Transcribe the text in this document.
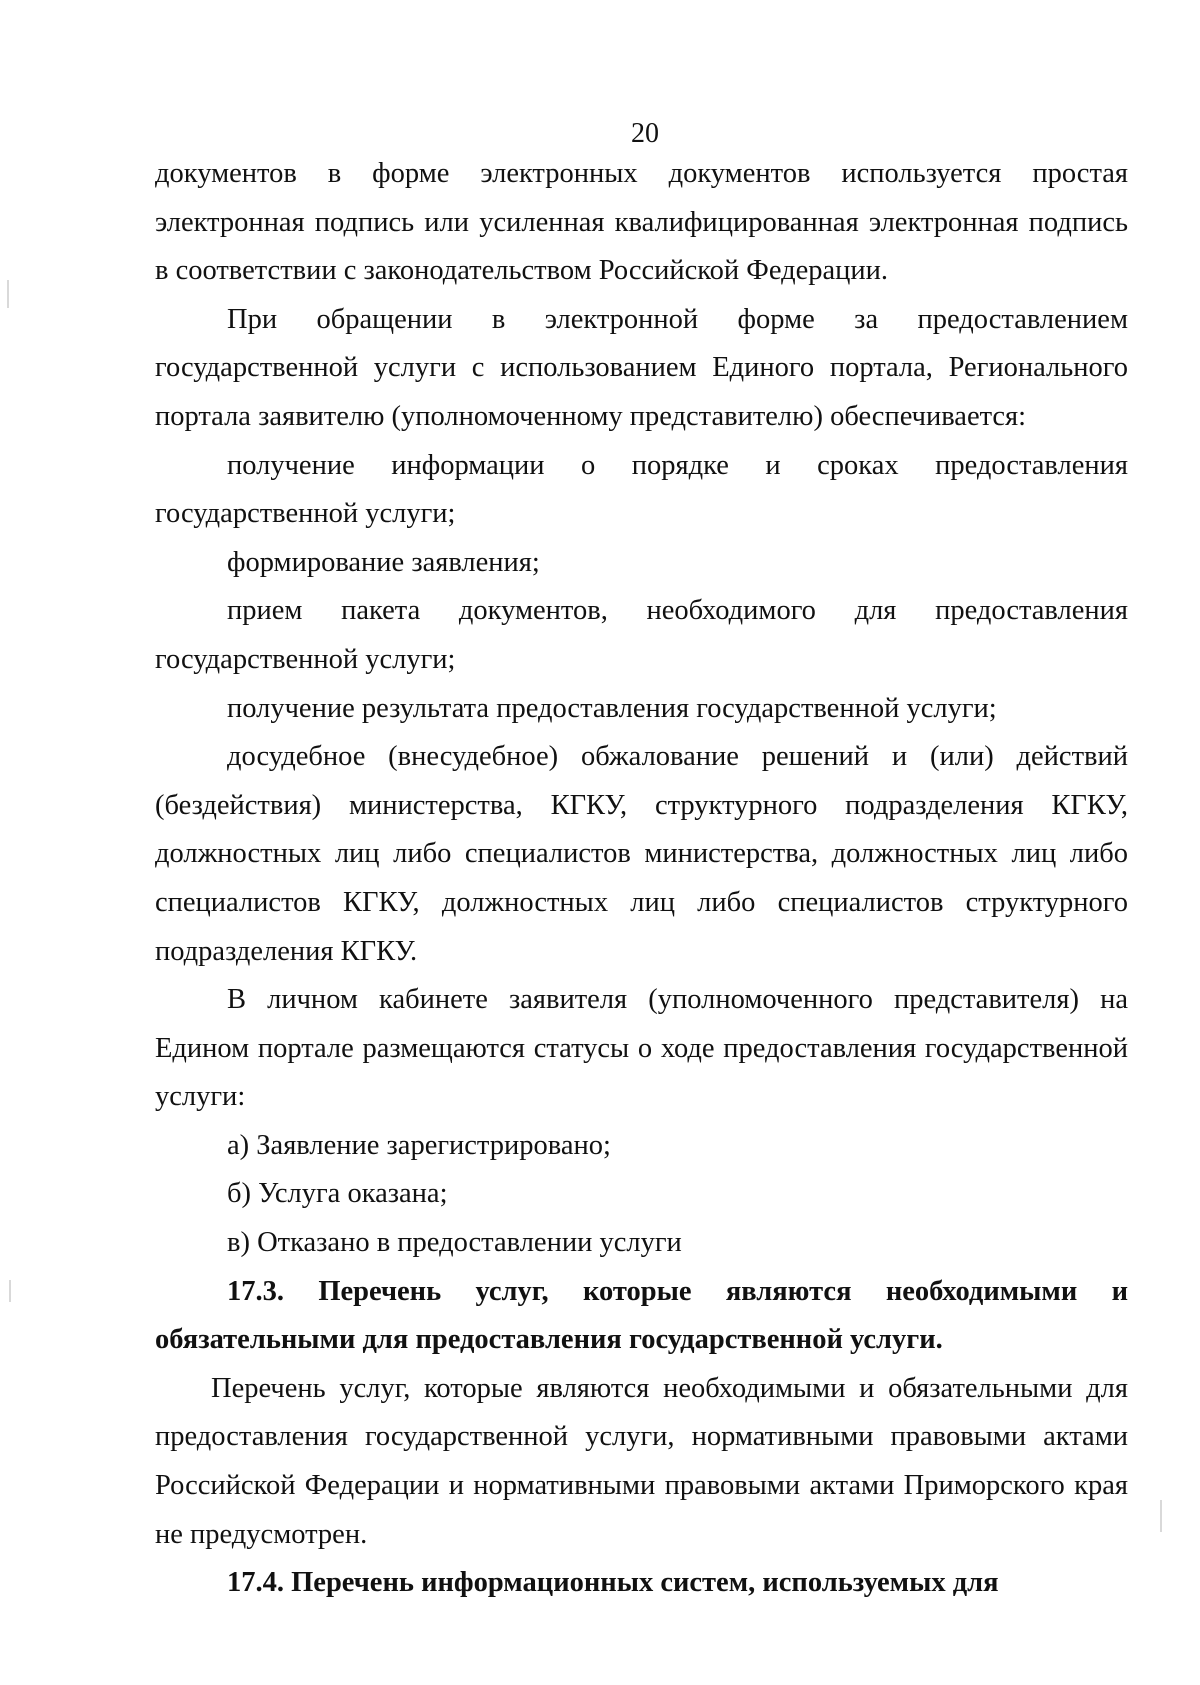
20

документов в форме электронных документов используется простая электронная подпись или усиленная квалифицированная электронная подпись в соответствии с законодательством Российской Федерации.

При обращении в электронной форме за предоставлением государственной услуги с использованием Единого портала, Регионального портала заявителю (уполномоченному представителю) обеспечивается:

получение информации о порядке и сроках предоставления государственной услуги;

формирование заявления;

прием пакета документов, необходимого для предоставления государственной услуги;

получение результата предоставления государственной услуги;

досудебное (внесудебное) обжалование решений и (или) действий (бездействия) министерства, КГКУ, структурного подразделения КГКУ, должностных лиц либо специалистов министерства, должностных лиц либо специалистов КГКУ, должностных лиц либо специалистов структурного подразделения КГКУ.

В личном кабинете заявителя (уполномоченного представителя) на Едином портале размещаются статусы о ходе предоставления государственной услуги:

а) Заявление зарегистрировано;

б) Услуга оказана;

в) Отказано в предоставлении услуги

17.3. Перечень услуг, которые являются необходимыми и обязательными для предоставления государственной услуги.

Перечень услуг, которые являются необходимыми и обязательными для предоставления государственной услуги, нормативными правовыми актами Российской Федерации и нормативными правовыми актами Приморского края не предусмотрен.

17.4. Перечень информационных систем, используемых для
